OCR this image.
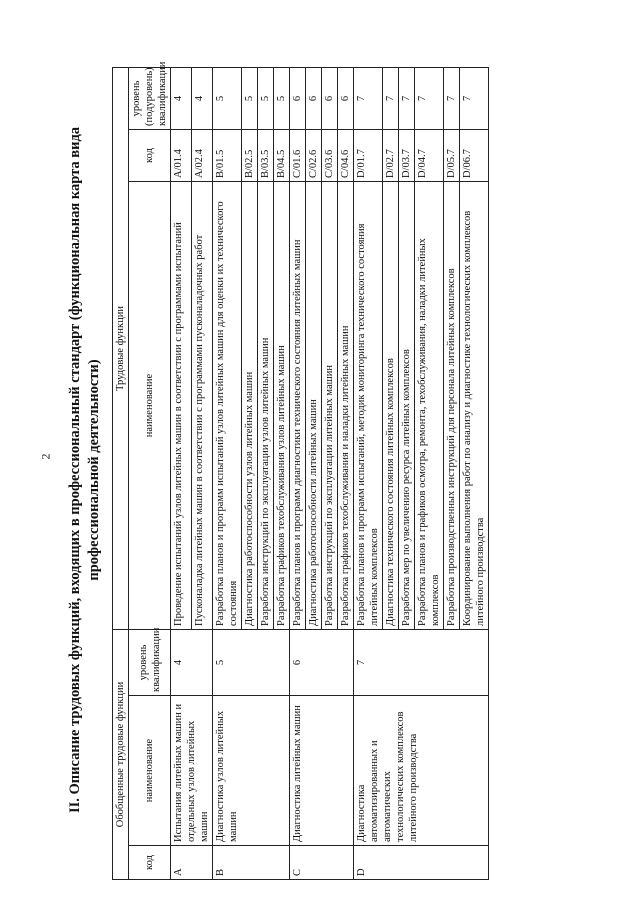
2 II. Описание трудовых функций, входящих в профессиональный стандарт (функциональная карта вида профессиональной деятельности)
Обобщенные трудовые функции			Трудовые функции		
код	наименование	уровень квалификации	наименование	код	уровень (подуровень) квалификации
A	Испытания литейных машин и отдельных узлов литейных машин	4	Проведение испытаний узлов литейных машин в соответствии с программами испытаний	A/01.4	4
			Пусконаладка литейных машин в соответствии с программами пусконаладочных работ	A/02.4	4
B	Диагностика узлов литейных машин	5	Разработка планов и программ испытаний узлов литейных машин для оценки их технического состояния	B/01.5	5
			Диагностика работоспособности узлов литейных машин	B/02.5	5
			Разработка инструкций по эксплуатации узлов литейных машин	B/03.5	5
			Разработка графиков техобслуживания узлов литейных машин	B/04.5	5
C	Диагностика литейных машин	6	Разработка планов и программ диагностики технического состояния литейных машин	C/01.6	6
			Диагностика работоспособности литейных машин	C/02.6	6
			Разработка инструкций по эксплуатации литейных машин	C/03.6	6
			Разработка графиков техобслуживания и наладки литейных машин	C/04.6	6
D	Диагностика автоматизированных и автоматических технологических комплексов литейного производства	7	Разработка планов и программ испытаний, методик мониторинга технического состояния литейных комплексов	D/01.7	7
			Диагностика технического состояния литейных комплексов	D/02.7	7
			Разработка мер по увеличению ресурса литейных комплексов	D/03.7	7
			Разработка планов и графиков осмотра, ремонта, техобслуживания, наладки литейных комплексов	D/04.7	7
			Разработка производственных инструкций для персонала литейных комплексов	D/05.7	7
			Координирование выполнения работ по анализу и диагностике технологических комплексов литейного производства	D/06.7	7
